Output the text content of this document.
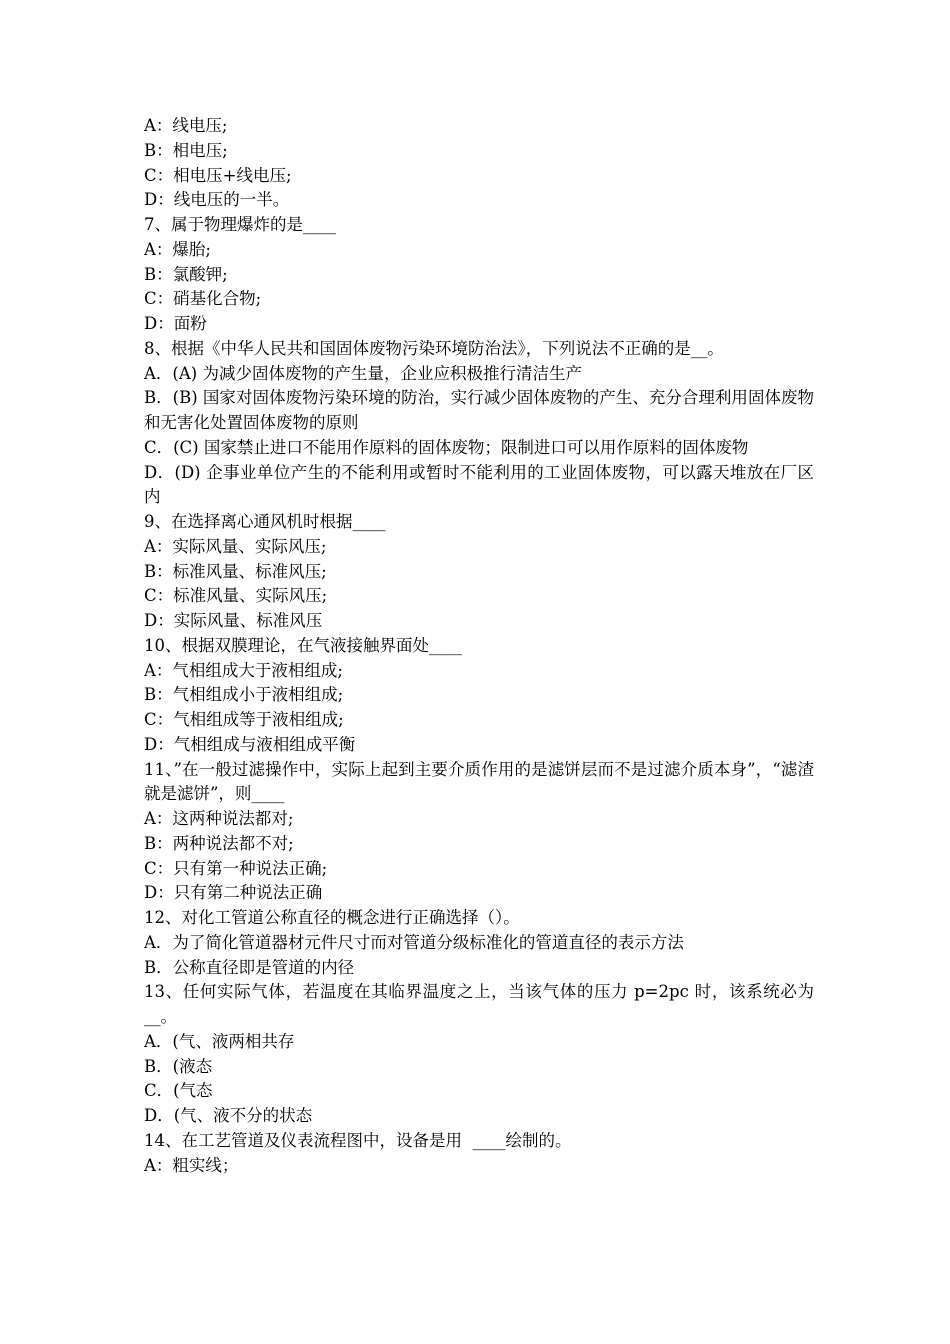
A：线电压;
B：相电压;
C：相电压+线电压;
D：线电压的一半。
7、属于物理爆炸的是____
A：爆胎;
B：氯酸钾;
C：硝基化合物;
D：面粉
8、根据《中华人民共和国固体废物污染环境防治法》，下列说法不正确的是__。
A．(A) 为减少固体废物的产生量，企业应积极推行清洁生产
B．(B) 国家对固体废物污染环境的防治，实行减少固体废物的产生、充分合理利用固体废物和无害化处置固体废物的原则
C．(C) 国家禁止进口不能用作原料的固体废物；限制进口可以用作原料的固体废物
D．(D) 企事业单位产生的不能利用或暂时不能利用的工业固体废物，可以露天堆放在厂区内
9、在选择离心通风机时根据____
A：实际风量、实际风压;
B：标准风量、标准风压;
C：标准风量、实际风压;
D：实际风量、标准风压
10、根据双膜理论，在气液接触界面处____
A：气相组成大于液相组成;
B：气相组成小于液相组成;
C：气相组成等于液相组成;
D：气相组成与液相组成平衡
11、”在一般过滤操作中，实际上起到主要介质作用的是滤饼层而不是过滤介质本身”，“滤渣就是滤饼”，则____
A：这两种说法都对;
B：两种说法都不对;
C：只有第一种说法正确;
D：只有第二种说法正确
12、对化工管道公称直径的概念进行正确选择（）。
A．为了简化管道器材元件尺寸而对管道分级标准化的管道直径的表示方法
B．公称直径即是管道的内径
13、任何实际气体，若温度在其临界温度之上，当该气体的压力 p=2pc 时，该系统必为__。
A．(气、液两相共存
B．(液态
C．(气态
D．(气、液不分的状态
14、在工艺管道及仪表流程图中，设备是用  ____绘制的。
A：粗实线；
